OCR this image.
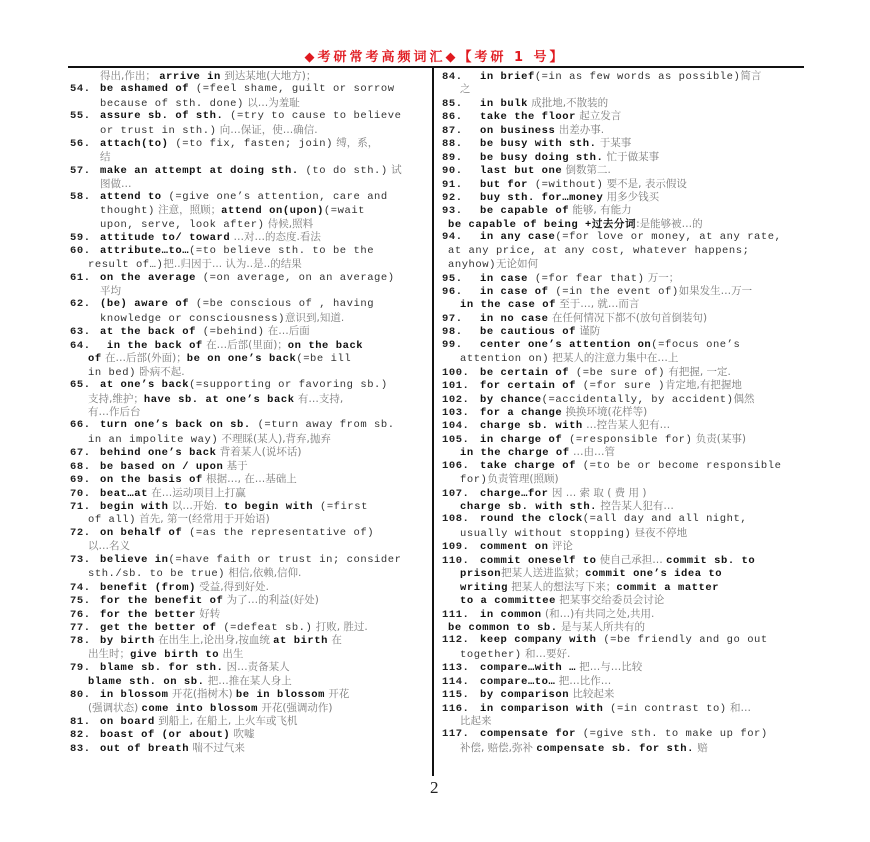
◆考研常考高频词汇◆【考研 1 号】
得出,作出； arrive in 到达某地(大地方)；
54. be ashamed of (=feel shame, guilt or sorrow
because of sth. done) 以…为羞耻
55. assure sb. of sth. (=try to cause to believe
or trust in sth.) 向…保证，使…确信.
56. attach(to) (=to fix, fasten; join) 缚，系，
结
57. make an attempt at doing sth. (to do sth.) 试
图做…
58. attend to (=give one’s attention, care and
thought) 注意，照顾；attend on(upon)(=wait
upon, serve, look after) 侍候,照料
59. attitude to/ toward …对…的态度.看法
60. attribute…to…(=to believe sth. to be the
result of…)把..归因于... 认为..是..的结果
61. on the average (=on average, on an average)
平均
62. (be) aware of (=be conscious of , having
knowledge or consciousness)意识到,知道.
63. at the back of (=behind) 在…后面
64. in the back of 在…后部(里面)；on the back
of 在…后部(外面)；be on one’s back(=be ill
in bed) 卧病不起.
65. at one’s back(=supporting or favoring sb.)
支持,维护；have sb. at one’s back 有…支持,
有…作后台
66. turn one’s back on sb. (=turn away from sb.
in an impolite way) 不理睬(某人),背弃,抛弃
67. behind one’s back 背着某人(说坏话)
68. be based on / upon 基于
69. on the basis of 根据…, 在…基础上
70. beat…at 在…运动项目上打赢
71. begin with 以…开始. to begin with (=first
of all) 首先, 第一(经常用于开始语)
72. on behalf of (=as the representative of)
以…名义
73. believe in(=have faith or trust in; consider
sth./sb. to be true) 相信,依赖,信仰.
74. benefit (from) 受益,得到好处.
75. for the benefit of 为了…的利益(好处)
76. for the better 好转
77. get the better of (=defeat sb.) 打败, 胜过.
78. by birth 在出生上,论出身,按血统 at birth 在
出生时；give birth to 出生
79. blame sb. for sth. 因…责备某人
blame sth. on sb. 把…推在某人身上
80. in blossom 开花(指树木) be in blossom 开花
(强调状态) come into blossom 开花(强调动作)
81. on board 到船上, 在船上, 上火车或飞机
82. boast of (or about) 吹嘘
83. out of breath 喘不过气来
84. in brief(=in as few words as possible)简言
之
85. in bulk 成批地,不散装的
86. take the floor 起立发言
87. on business 出差办事.
88. be busy with sth. 于某事
89. be busy doing sth. 忙于做某事
90. last but one 倒数第二.
91. but for (=without) 要不是, 表示假设
92. buy sth. for…money 用多少钱买
93. be capable of 能够, 有能力
be capable of being +过去分词:是能够被…的
94. in any case(=for love or money, at any rate,
at any price, at any cost, whatever happens;
anyhow)无论如何
95. in case (=for fear that) 万一；
96. in case of (=in the event of)如果发生…万一
in the case of 至于…, 就…而言
97. in no case 在任何情况下都不(放句首倒装句)
98. be cautious of 谨防
99. center one’s attention on(=focus one’s
attention on) 把某人的注意力集中在…上
100. be certain of (=be sure of) 有把握, 一定.
101. for certain of (=for sure )肯定地,有把握地
102. by chance(=accidentally, by accident)偶然
103. for a change 换换环境(花样等)
104. charge sb. with …控告某人犯有…
105. in charge of (=responsible for) 负责(某事)
in the charge of …由…管
106. take charge of (=to be or become responsible
for)负责管理(照顾)
107. charge…for 因 … 索 取 ( 费 用 )
charge sb. with sth. 控告某人犯有…
108. round the clock(=all day and all night,
usually without stopping) 昼夜不停地
109. comment on 评论
110. commit oneself to 使自己承担… commit sb. to
prison把某人送进监狱；commit one’s idea to
writing 把某人的想法写下来；commit a matter
to a committee 把某事交给委员会讨论
111. in common (和…)有共同之处,共用.
be common to sb. 是与某人所共有的
112. keep company with (=be friendly and go out
together) 和…要好.
113. compare…with … 把…与…比较
114. compare…to… 把…比作…
115. by comparison 比较起来
116. in comparison with (=in contrast to) 和…
比起来
117. compensate for (=give sth. to make up for)
补偿, 赔偿,弥补 compensate sb. for sth. 赔
2
